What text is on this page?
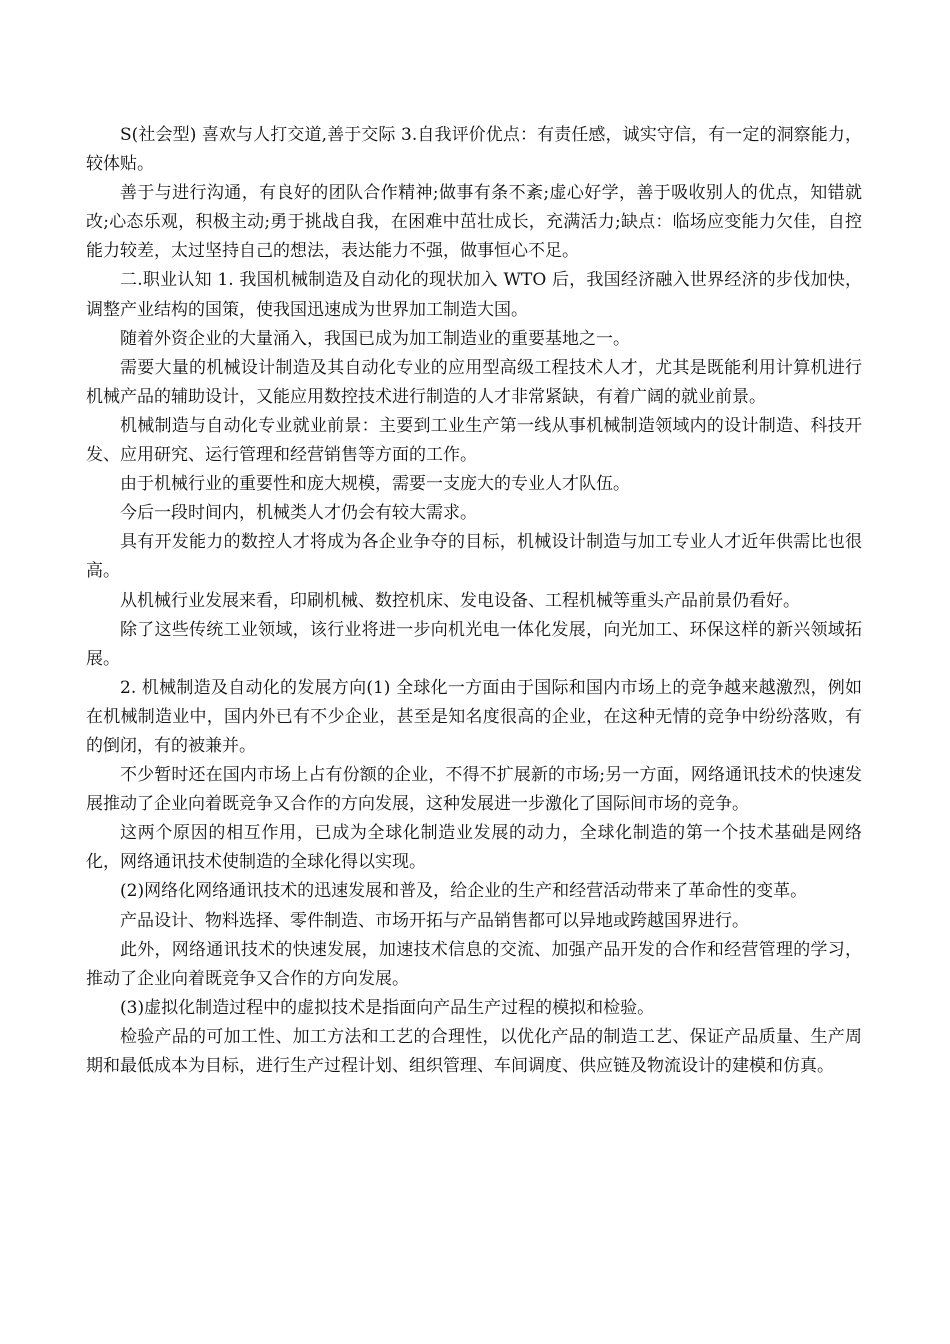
S(社会型) 喜欢与人打交道,善于交际 3.自我评价优点：有责任感，诚实守信，有一定的洞察能力，较体贴。

善于与进行沟通，有良好的团队合作精神;做事有条不紊;虚心好学，善于吸收别人的优点，知错就改;心态乐观，积极主动;勇于挑战自我，在困难中茁壮成长，充满活力;缺点：临场应变能力欠佳，自控能力较差，太过坚持自己的想法，表达能力不强，做事恒心不足。

二.职业认知 1. 我国机械制造及自动化的现状加入 WTO 后，我国经济融入世界经济的步伐加快，调整产业结构的国策，使我国迅速成为世界加工制造大国。

随着外资企业的大量涌入，我国已成为加工制造业的重要基地之一。

需要大量的机械设计制造及其自动化专业的应用型高级工程技术人才，尤其是既能利用计算机进行机械产品的辅助设计，又能应用数控技术进行制造的人才非常紧缺，有着广阔的就业前景。

机械制造与自动化专业就业前景：主要到工业生产第一线从事机械制造领域内的设计制造、科技开发、应用研究、运行管理和经营销售等方面的工作。

由于机械行业的重要性和庞大规模，需要一支庞大的专业人才队伍。

今后一段时间内，机械类人才仍会有较大需求。

具有开发能力的数控人才将成为各企业争夺的目标，机械设计制造与加工专业人才近年供需比也很高。

从机械行业发展来看，印刷机械、数控机床、发电设备、工程机械等重头产品前景仍看好。

除了这些传统工业领域，该行业将进一步向机光电一体化发展，向光加工、环保这样的新兴领域拓展。

2. 机械制造及自动化的发展方向(1) 全球化一方面由于国际和国内市场上的竞争越来越激烈，例如在机械制造业中，国内外已有不少企业，甚至是知名度很高的企业，在这种无情的竞争中纷纷落败，有的倒闭，有的被兼并。

不少暂时还在国内市场上占有份额的企业，不得不扩展新的市场;另一方面，网络通讯技术的快速发展推动了企业向着既竞争又合作的方向发展，这种发展进一步激化了国际间市场的竞争。

这两个原因的相互作用，已成为全球化制造业发展的动力，全球化制造的第一个技术基础是网络化，网络通讯技术使制造的全球化得以实现。

(2)网络化网络通讯技术的迅速发展和普及，给企业的生产和经营活动带来了革命性的变革。

产品设计、物料选择、零件制造、市场开拓与产品销售都可以异地或跨越国界进行。

此外，网络通讯技术的快速发展，加速技术信息的交流、加强产品开发的合作和经营管理的学习，推动了企业向着既竞争又合作的方向发展。

(3)虚拟化制造过程中的虚拟技术是指面向产品生产过程的模拟和检验。

检验产品的可加工性、加工方法和工艺的合理性，以优化产品的制造工艺、保证产品质量、生产周期和最低成本为目标，进行生产过程计划、组织管理、车间调度、供应链及物流设计的建模和仿真。
